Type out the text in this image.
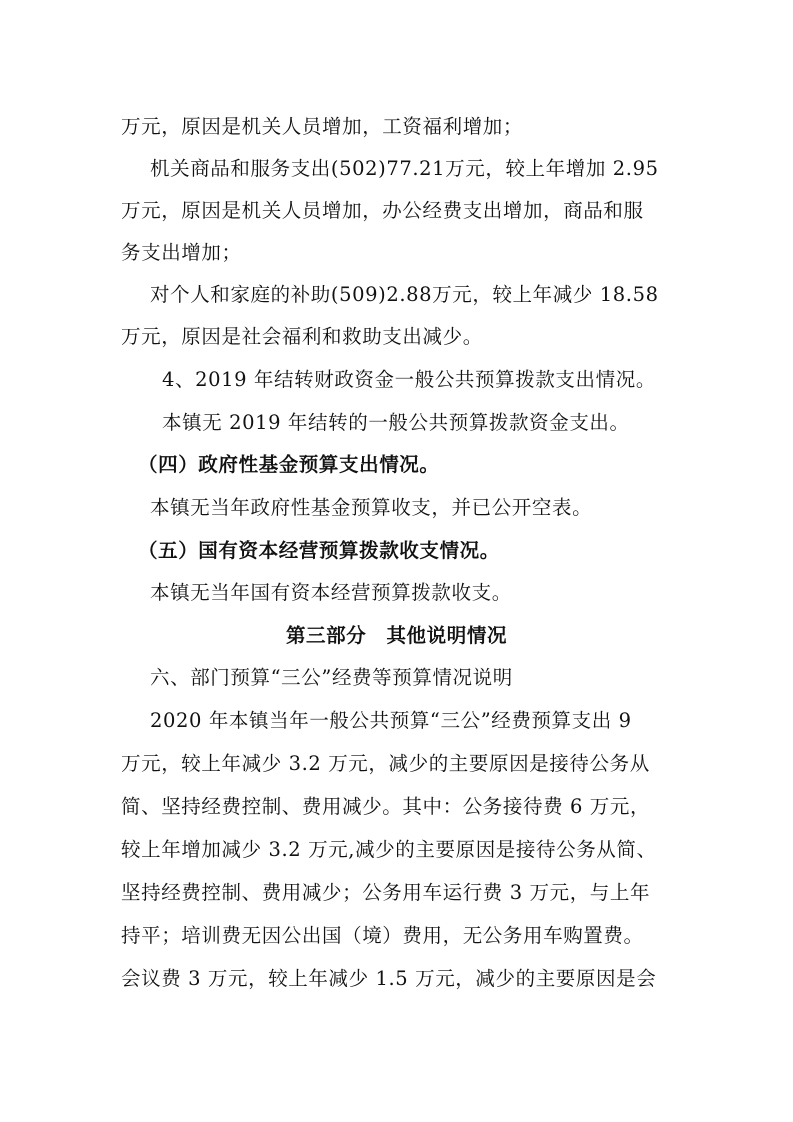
万元，原因是机关人员增加，工资福利增加；
机关商品和服务支出(502)77.21万元，较上年增加 2.95
万元，原因是机关人员增加，办公经费支出增加，商品和服
务支出增加；
对个人和家庭的补助(509)2.88万元，较上年减少 18.58
万元，原因是社会福利和救助支出减少。
4、2019 年结转财政资金一般公共预算拨款支出情况。
本镇无 2019 年结转的一般公共预算拨款资金支出。
（四）政府性基金预算支出情况。
本镇无当年政府性基金预算收支，并已公开空表。
（五）国有资本经营预算拨款收支情况。
本镇无当年国有资本经营预算拨款收支。
第三部分　其他说明情况
六、部门预算“三公”经费等预算情况说明
2020 年本镇当年一般公共预算“三公”经费预算支出 9
万元，较上年减少 3.2 万元，减少的主要原因是接待公务从
简、坚持经费控制、费用减少。其中：公务接待费 6 万元，
较上年增加减少 3.2 万元,减少的主要原因是接待公务从简、
坚持经费控制、费用减少；公务用车运行费 3 万元，与上年
持平；培训费无因公出国（境）费用，无公务用车购置费。
会议费 3 万元，较上年减少 1.5 万元，减少的主要原因是会
